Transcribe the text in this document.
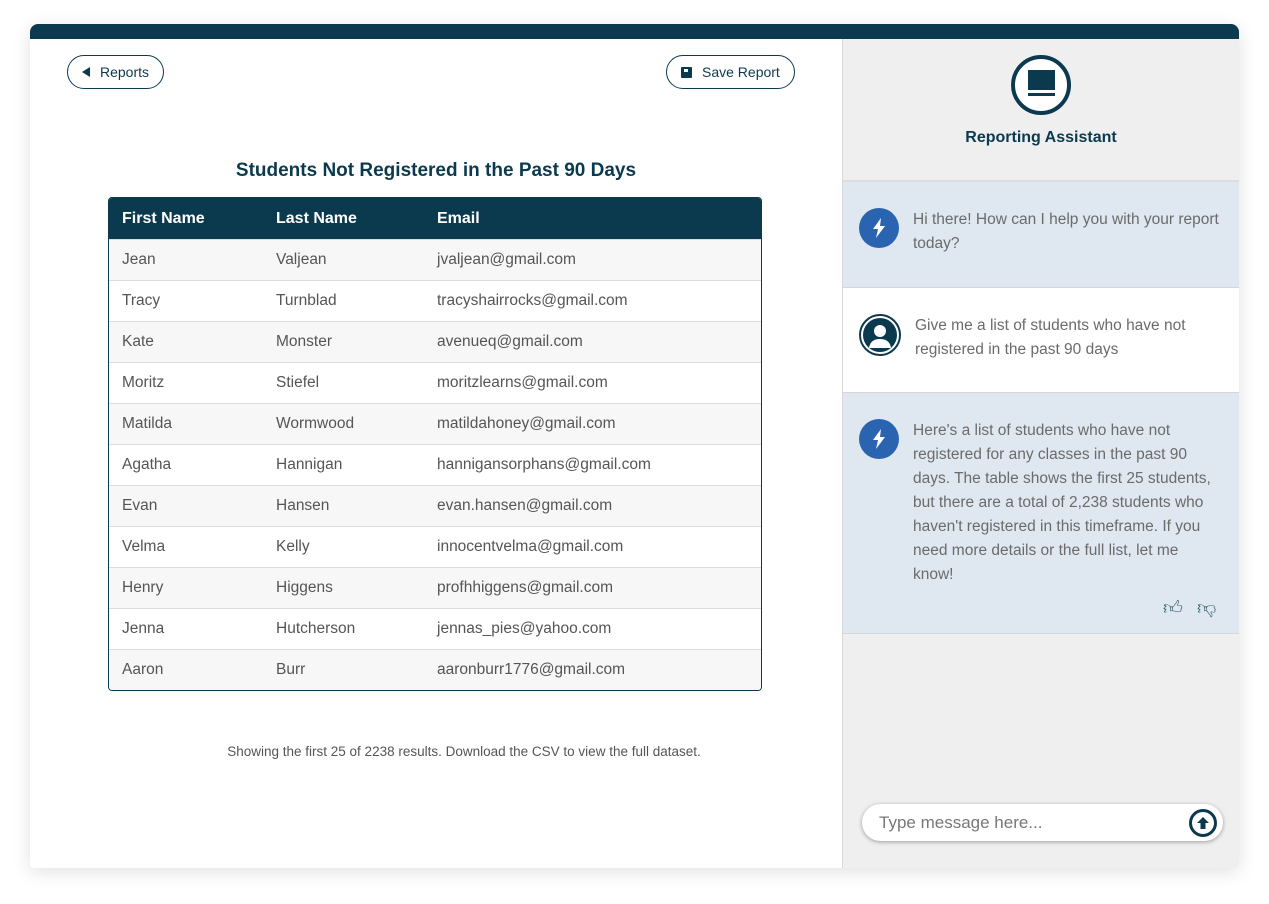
Reports	Save Report
Students Not Registered in the Past 90 Days
First Name	Last Name	Email
Jean	Valjean	jvaljean@gmail.com
Tracy	Turnblad	tracyshairrocks@gmail.com
Kate	Monster	avenueq@gmail.com
Moritz	Stiefel	moritzlearns@gmail.com
Matilda	Wormwood	matildahoney@gmail.com
Agatha	Hannigan	hannigansorphans@gmail.com
Evan	Hansen	evan.hansen@gmail.com
Velma	Kelly	innocentvelma@gmail.com
Henry	Higgens	profhhiggens@gmail.com
Jenna	Hutcherson	jennas_pies@yahoo.com
Aaron	Burr	aaronburr1776@gmail.com
Showing the first 25 of 2238 results. Download the CSV to view the full dataset.
Reporting Assistant
Hi there! How can I help you with your report today?
Give me a list of students who have not registered in the past 90 days
Here's a list of students who have not registered for any classes in the past 90 days. The table shows the first 25 students, but there are a total of 2,238 students who haven't registered in this timeframe. If you need more details or the full list, let me know!
👍︎ 👎︎
Type message here...
